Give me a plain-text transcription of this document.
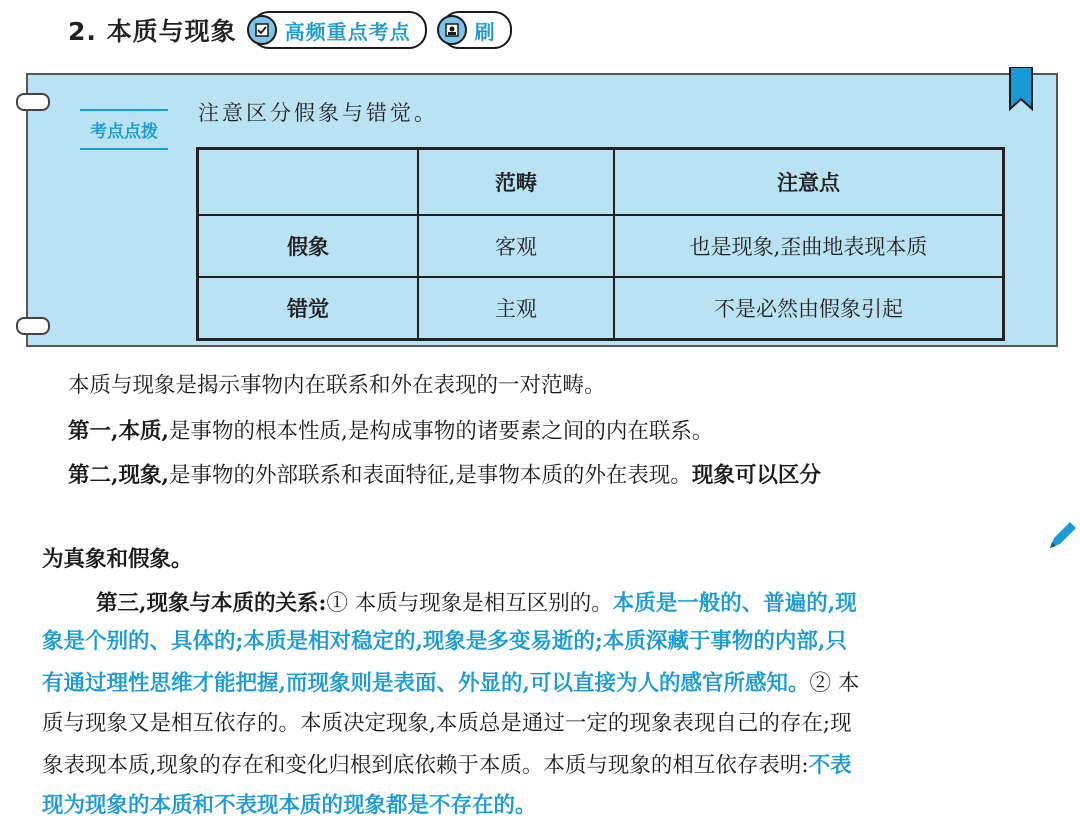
2. 本质与现象 高频重点考点	刷
考点点拨
注意区分假象与错觉。
	范畴	注意点
假象	客观	也是现象,歪曲地表现本质
错觉	主观	不是必然由假象引起
本质与现象是揭示事物内在联系和外在表现的一对范畴。
第一,本质,是事物的根本性质,是构成事物的诸要素之间的内在联系。
第二,现象,是事物的外部联系和表面特征,是事物本质的外在表现。现象可以区分
为真象和假象。
第三,现象与本质的关系:① 本质与现象是相互区别的。本质是一般的、普遍的,现
象是个别的、具体的;本质是相对稳定的,现象是多变易逝的;本质深藏于事物的内部,只
有通过理性思维才能把握,而现象则是表面、外显的,可以直接为人的感官所感知。② 本
质与现象又是相互依存的。本质决定现象,本质总是通过一定的现象表现自己的存在;现
象表现本质,现象的存在和变化归根到底依赖于本质。本质与现象的相互依存表明:不表
现为现象的本质和不表现本质的现象都是不存在的。
